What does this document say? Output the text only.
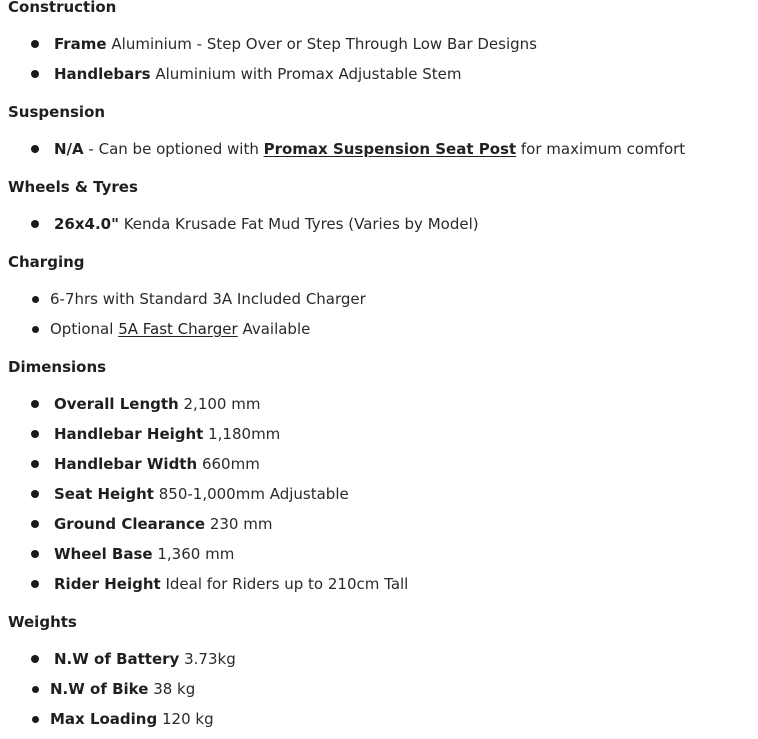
Construction
Frame Aluminium - Step Over or Step Through Low Bar Designs
Handlebars Aluminium with Promax Adjustable Stem
Suspension
N/A - Can be optioned with Promax Suspension Seat Post for maximum comfort
Wheels & Tyres
26x4.0" Kenda Krusade Fat Mud Tyres (Varies by Model)
Charging
6-7hrs with Standard 3A Included Charger
Optional 5A Fast Charger Available
Dimensions
Overall Length 2,100 mm
Handlebar Height 1,180mm
Handlebar Width 660mm
Seat Height 850-1,000mm Adjustable
Ground Clearance 230 mm
Wheel Base 1,360 mm
Rider Height Ideal for Riders up to 210cm Tall
Weights
N.W of Battery 3.73kg
N.W of Bike 38 kg
Max Loading 120 kg
